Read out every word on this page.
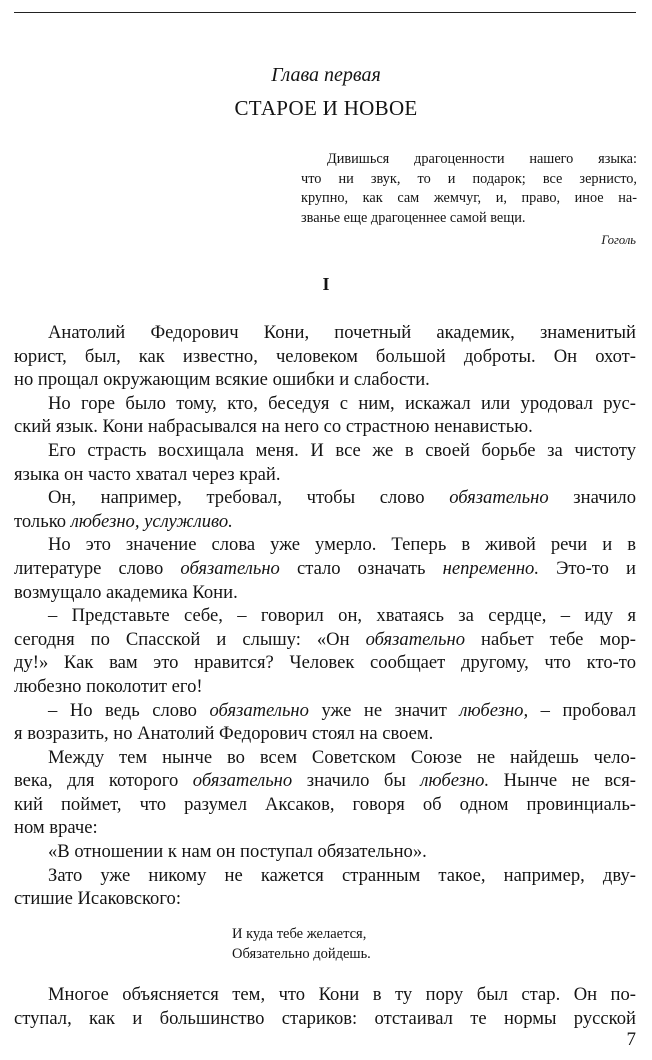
Глава первая
СТАРОЕ И НОВОЕ
Дивишься драгоценности нашего языка:
что ни звук, то и подарок; все зернисто,
крупно, как сам жемчуг, и, право, иное на-
званье еще драгоценнее самой вещи.
Гоголь
I
Анатолий Федорович Кони, почетный академик, знаменитый
юрист, был, как известно, человеком большой доброты. Он охот-
но прощал окружающим всякие ошибки и слабости.
Но горе было тому, кто, беседуя с ним, искажал или уродовал рус-
ский язык. Кони набрасывался на него со страстною ненавистью.
Его страсть восхищала меня. И все же в своей борьбе за чистоту
языка он часто хватал через край.
Он, например, требовал, чтобы слово обязательно значило
только любезно, услужливо.
Но это значение слова уже умерло. Теперь в живой речи и в
литературе слово обязательно стало означать непременно. Это-то и
возмущало академика Кони.
– Представьте себе, – говорил он, хватаясь за сердце, – иду я
сегодня по Спасской и слышу: «Он обязательно набьет тебе мор-
ду!» Как вам это нравится? Человек сообщает другому, что кто-то
любезно поколотит его!
– Но ведь слово обязательно уже не значит любезно, – пробовал
я возразить, но Анатолий Федорович стоял на своем.
Между тем нынче во всем Советском Союзе не найдешь чело-
века, для которого обязательно значило бы любезно. Нынче не вся-
кий поймет, что разумел Аксаков, говоря об одном провинциаль-
ном враче:
«В отношении к нам он поступал обязательно».
Зато уже никому не кажется странным такое, например, дву-
стишие Исаковского:
И куда тебе желается,
Обязательно дойдешь.
Многое объясняется тем, что Кони в ту пору был стар. Он по-
ступал, как и большинство стариков: отстаивал те нормы русской
7
